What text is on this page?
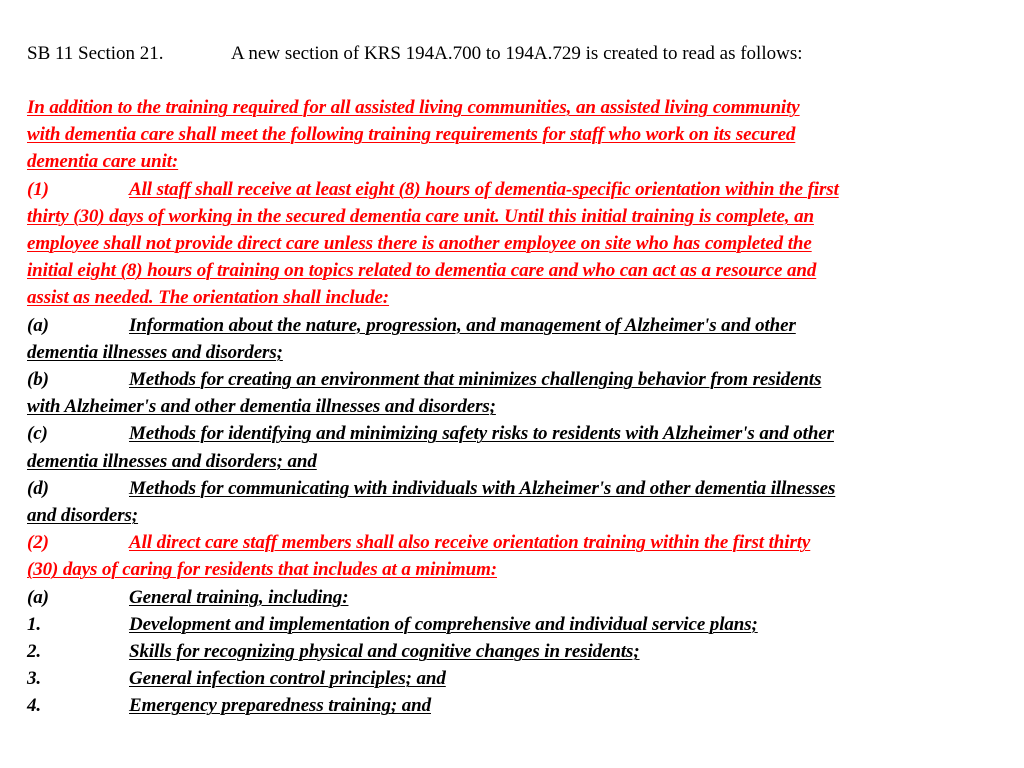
SB 11 Section 21.	A new section of KRS 194A.700 to 194A.729 is created to read as follows:
In addition to the training required for all assisted living communities, an assisted living community
with dementia care shall meet the following training requirements for staff who work on its secured
dementia care unit:
(1)	All staff shall receive at least eight (8) hours of dementia-specific orientation within the first
thirty (30) days of working in the secured dementia care unit. Until this initial training is complete, an
employee shall not provide direct care unless there is another employee on site who has completed the
initial eight (8) hours of training on topics related to dementia care and who can act as a resource and
assist as needed. The orientation shall include:
(a)	Information about the nature, progression, and management of Alzheimer's and other
dementia illnesses and disorders;
(b)	Methods for creating an environment that minimizes challenging behavior from residents
with Alzheimer's and other dementia illnesses and disorders;
(c)	Methods for identifying and minimizing safety risks to residents with Alzheimer's and other
dementia illnesses and disorders; and
(d)	Methods for communicating with individuals with Alzheimer's and other dementia illnesses
and disorders;
(2)	All direct care staff members shall also receive orientation training within the first thirty
(30) days of caring for residents that includes at a minimum:
(a)	General training, including:
1.	Development and implementation of comprehensive and individual service plans;
2.	Skills for recognizing physical and cognitive changes in residents;
3.	General infection control principles; and
4.	Emergency preparedness training; and
